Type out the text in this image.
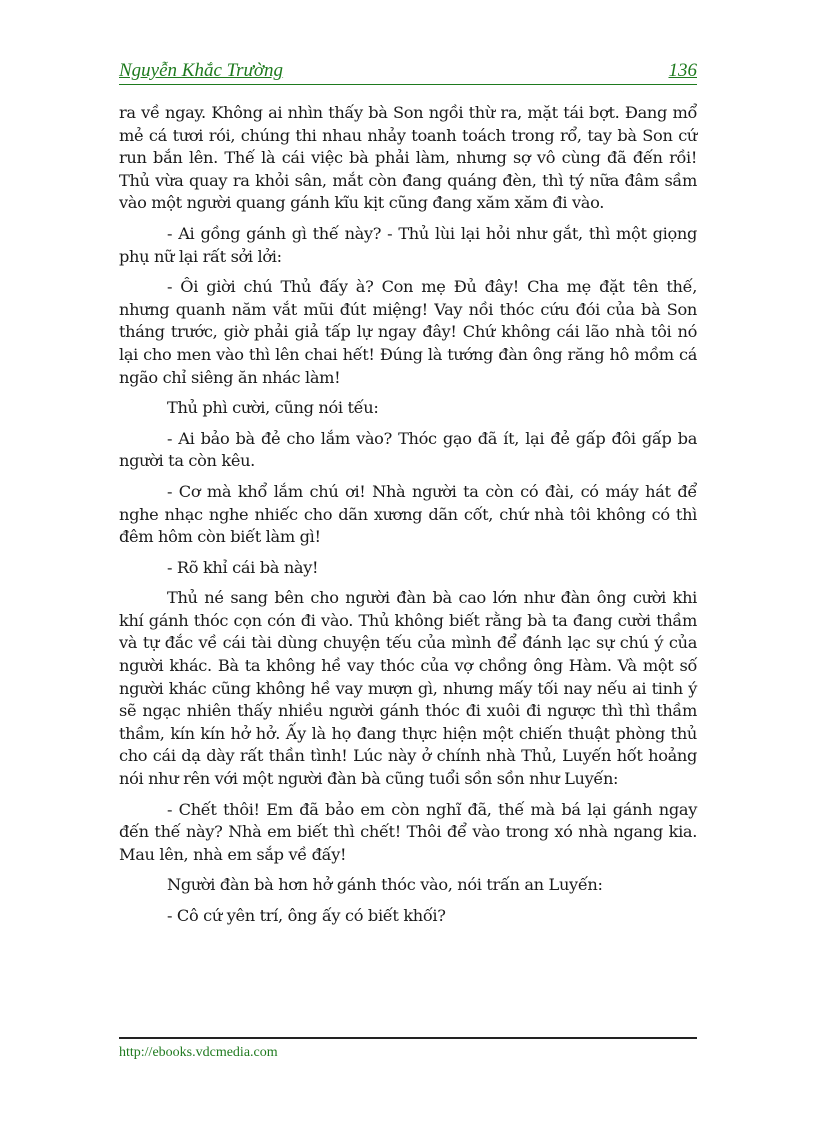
Nguyễn Khắc Trường	136

ra về ngay. Không ai nhìn thấy bà Son ngồi thừ ra, mặt tái bợt. Đang mổ mẻ cá tươi rói, chúng thi nhau nhảy toanh toách trong rổ, tay bà Son cứ run bắn lên. Thế là cái việc bà phải làm, nhưng sợ vô cùng đã đến rồi! Thủ vừa quay ra khỏi sân, mắt còn đang quáng đèn, thì tý nữa đâm sầm vào một người quang gánh kĩu kịt cũng đang xăm xăm đi vào.

- Ai gồng gánh gì thế này? - Thủ lùi lại hỏi như gắt, thì một giọng phụ nữ lại rất sởi lởi:

- Ôi giời chú Thủ đấy à? Con mẹ Đủ đây! Cha mẹ đặt tên thế, nhưng quanh năm vắt mũi đút miệng! Vay nồi thóc cứu đói của bà Son tháng trước, giờ phải giả tấp lự ngay đây! Chứ không cái lão nhà tôi nó lại cho men vào thì lên chai hết! Đúng là tướng đàn ông răng hô mồm cá ngão chỉ siêng ăn nhác làm!

Thủ phì cười, cũng nói tếu:

- Ai bảo bà đẻ cho lắm vào? Thóc gạo đã ít, lại đẻ gấp đôi gấp ba người ta còn kêu.

- Cơ mà khổ lắm chú ơi! Nhà người ta còn có đài, có máy hát để nghe nhạc nghe nhiếc cho dãn xương dãn cốt, chứ nhà tôi không có thì đêm hôm còn biết làm gì!

- Rõ khỉ cái bà này!

Thủ né sang bên cho người đàn bà cao lớn như đàn ông cười khi khí gánh thóc cọn cón đi vào. Thủ không biết rằng bà ta đang cười thầm và tự đắc về cái tài dùng chuyện tếu của mình để đánh lạc sự chú ý của người khác. Bà ta không hề vay thóc của vợ chồng ông Hàm. Và một số người khác cũng không hề vay mượn gì, nhưng mấy tối nay nếu ai tinh ý sẽ ngạc nhiên thấy nhiều người gánh thóc đi xuôi đi ngược thì thì thầm thầm, kín kín hở hở. Ấy là họ đang thực hiện một chiến thuật phòng thủ cho cái dạ dày rất thần tình! Lúc này ở chính nhà Thủ, Luyến hốt hoảng nói như rên với một người đàn bà cũng tuổi sồn sồn như Luyến:

- Chết thôi! Em đã bảo em còn nghĩ đã, thế mà bá lại gánh ngay đến thế này? Nhà em biết thì chết! Thôi để vào trong xó nhà ngang kia. Mau lên, nhà em sắp về đấy!

Người đàn bà hơn hở gánh thóc vào, nói trấn an Luyến:

- Cô cứ yên trí, ông ấy có biết khối?

http://ebooks.vdcmedia.com
